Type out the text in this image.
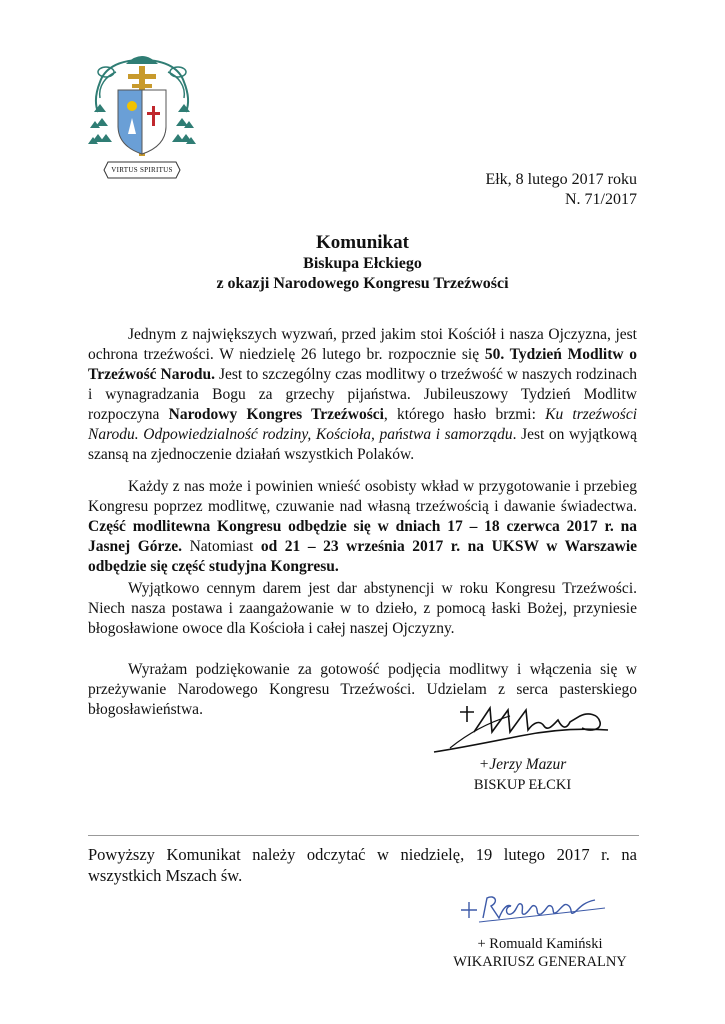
VIRTUS SPIRITUS
Ełk, 8 lutego 2017 roku
N. 71/2017
Komunikat
Biskupa Ełckiego
z okazji Narodowego Kongresu Trzeźwości

Jednym z największych wyzwań, przed jakim stoi Kościół i nasza Ojczyzna, jest ochrona trzeźwości. W niedzielę 26 lutego br. rozpocznie się 50. Tydzień Modlitw o Trzeźwość Narodu. Jest to szczególny czas modlitwy o trzeźwość w naszych rodzinach i wynagradzania Bogu za grzechy pijaństwa. Jubileuszowy Tydzień Modlitw rozpoczyna Narodowy Kongres Trzeźwości, którego hasło brzmi: Ku trzeźwości Narodu. Odpowiedzialność rodziny, Kościoła, państwa i samorządu. Jest on wyjątkową szansą na zjednoczenie działań wszystkich Polaków.

Każdy z nas może i powinien wnieść osobisty wkład w przygotowanie i przebieg Kongresu poprzez modlitwę, czuwanie nad własną trzeźwością i dawanie świadectwa. Część modlitewna Kongresu odbędzie się w dniach 17 – 18 czerwca 2017 r. na Jasnej Górze. Natomiast od 21 – 23 września 2017 r. na UKSW w Warszawie odbędzie się część studyjna Kongresu.

Wyjątkowo cennym darem jest dar abstynencji w roku Kongresu Trzeźwości. Niech nasza postawa i zaangażowanie w to dzieło, z pomocą łaski Bożej, przyniesie błogosławione owoce dla Kościoła i całej naszej Ojczyzny.

Wyrażam podziękowanie za gotowość podjęcia modlitwy i włączenia się w przeżywanie Narodowego Kongresu Trzeźwości. Udzielam z serca pasterskiego błogosławieństwa.

+Jerzy Mazur
BISKUP EŁCKI
Powyższy Komunikat należy odczytać w niedzielę, 19 lutego 2017 r. na wszystkich Mszach św.
+ Romuald Kamiński
WIKARIUSZ GENERALNY
